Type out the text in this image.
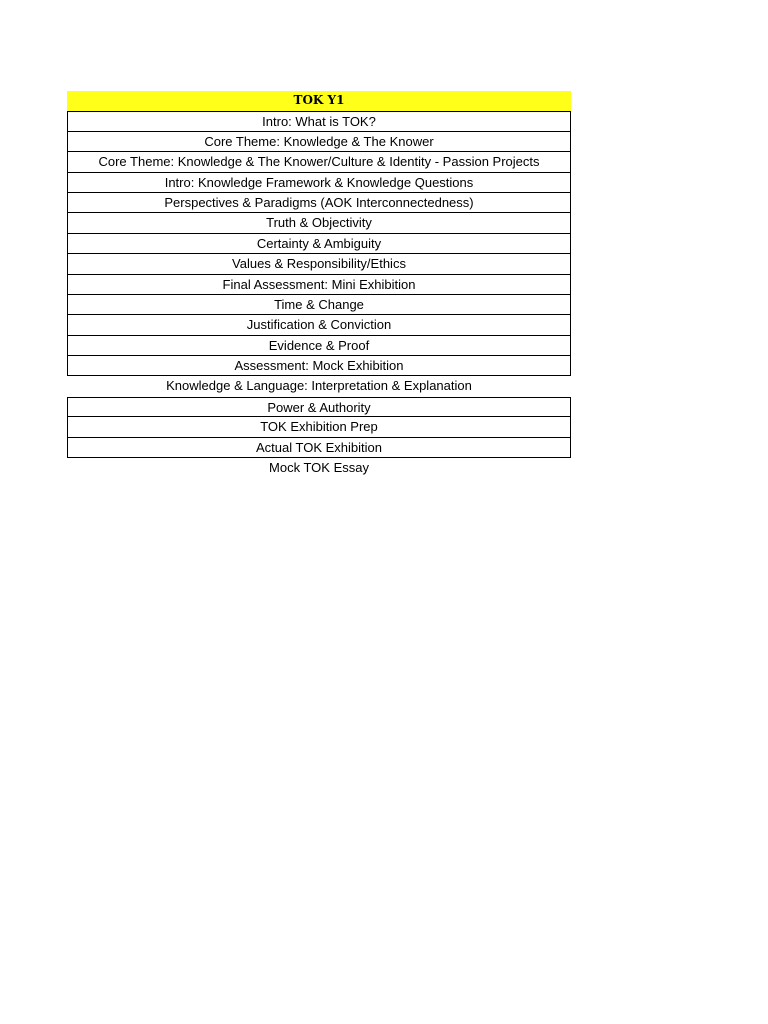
TOK Y1
Intro: What is TOK?
Core Theme: Knowledge & The Knower
Core Theme: Knowledge & The Knower/Culture & Identity - Passion Projects
Intro: Knowledge Framework & Knowledge Questions
Perspectives & Paradigms (AOK Interconnectedness)
Truth & Objectivity
Certainty & Ambiguity
Values & Responsibility/Ethics
Final Assessment: Mini Exhibition
Time & Change
Justification & Conviction
Evidence & Proof
Assessment: Mock Exhibition
Knowledge & Language: Interpretation & Explanation
Power & Authority
TOK Exhibition Prep
Actual TOK Exhibition
Mock TOK Essay
